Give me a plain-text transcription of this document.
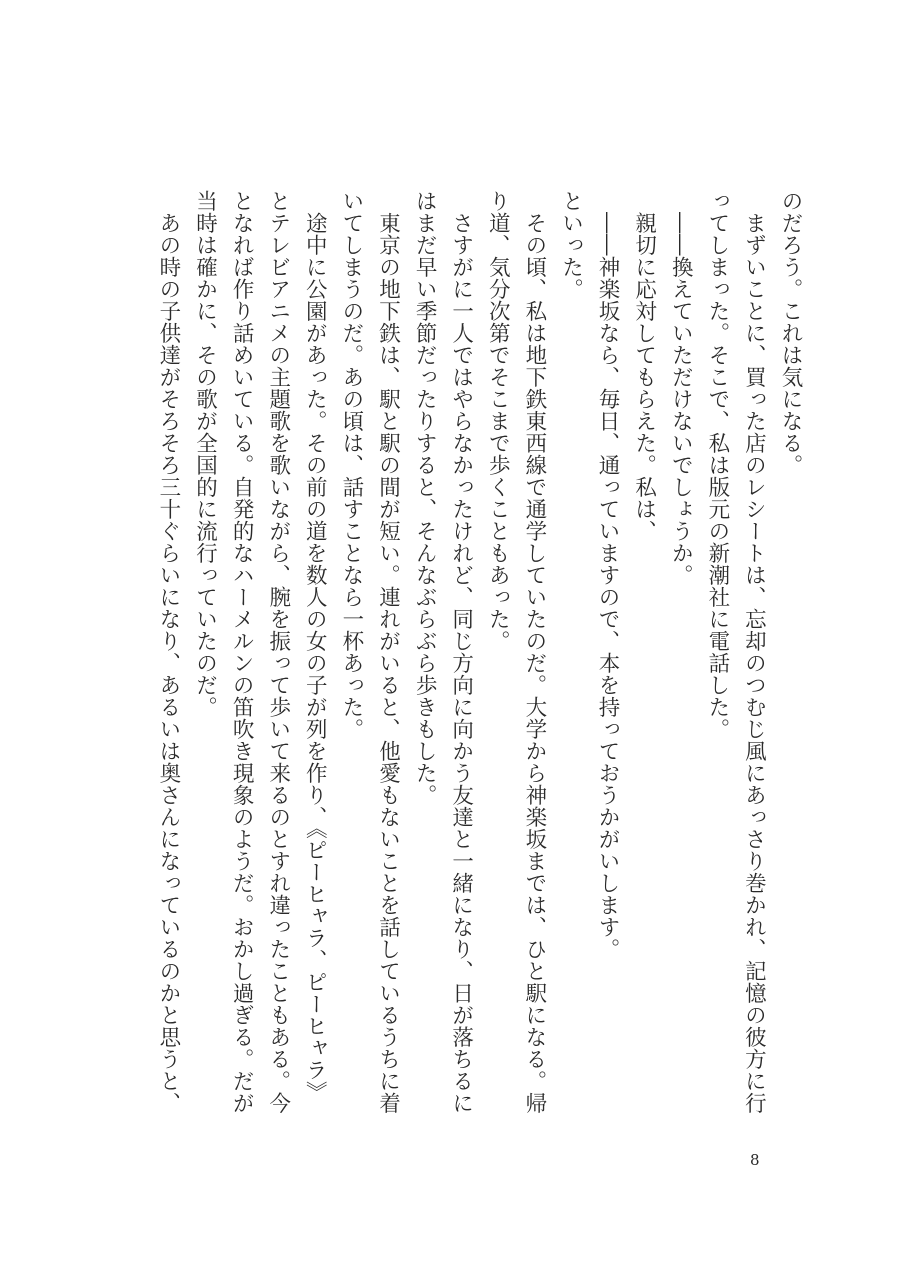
のだろう。これは気になる。
　まずいことに、買った店のレシートは、忘却のつむじ風にあっさり巻かれ、記憶の彼方に行
ってしまった。そこで、私は版元の新潮社に電話した。
　――換えていただけないでしょうか。
　親切に応対してもらえた。私は、
　――神楽坂なら、毎日、通っていますので、本を持っておうかがいします。
といった。
　その頃、私は地下鉄東西線で通学していたのだ。大学から神楽坂までは、ひと駅になる。帰
り道、気分次第でそこまで歩くこともあった。
　さすがに一人ではやらなかったけれど、同じ方向に向かう友達と一緒になり、日が落ちるに
はまだ早い季節だったりすると、そんなぶらぶら歩きもした。
　東京の地下鉄は、駅と駅の間が短い。連れがいると、他愛もないことを話しているうちに着
いてしまうのだ。あの頃は、話すことなら一杯あった。
　途中に公園があった。その前の道を数人の女の子が列を作り、《ピーヒャラ、ピーヒャラ》
とテレビアニメの主題歌を歌いながら、腕を振って歩いて来るのとすれ違ったこともある。今
となれば作り話めいている。自発的なハーメルンの笛吹き現象のようだ。おかし過ぎる。だが
当時は確かに、その歌が全国的に流行っていたのだ。
　あの時の子供達がそろそろ三十ぐらいになり、あるいは奥さんになっているのかと思うと、
8
